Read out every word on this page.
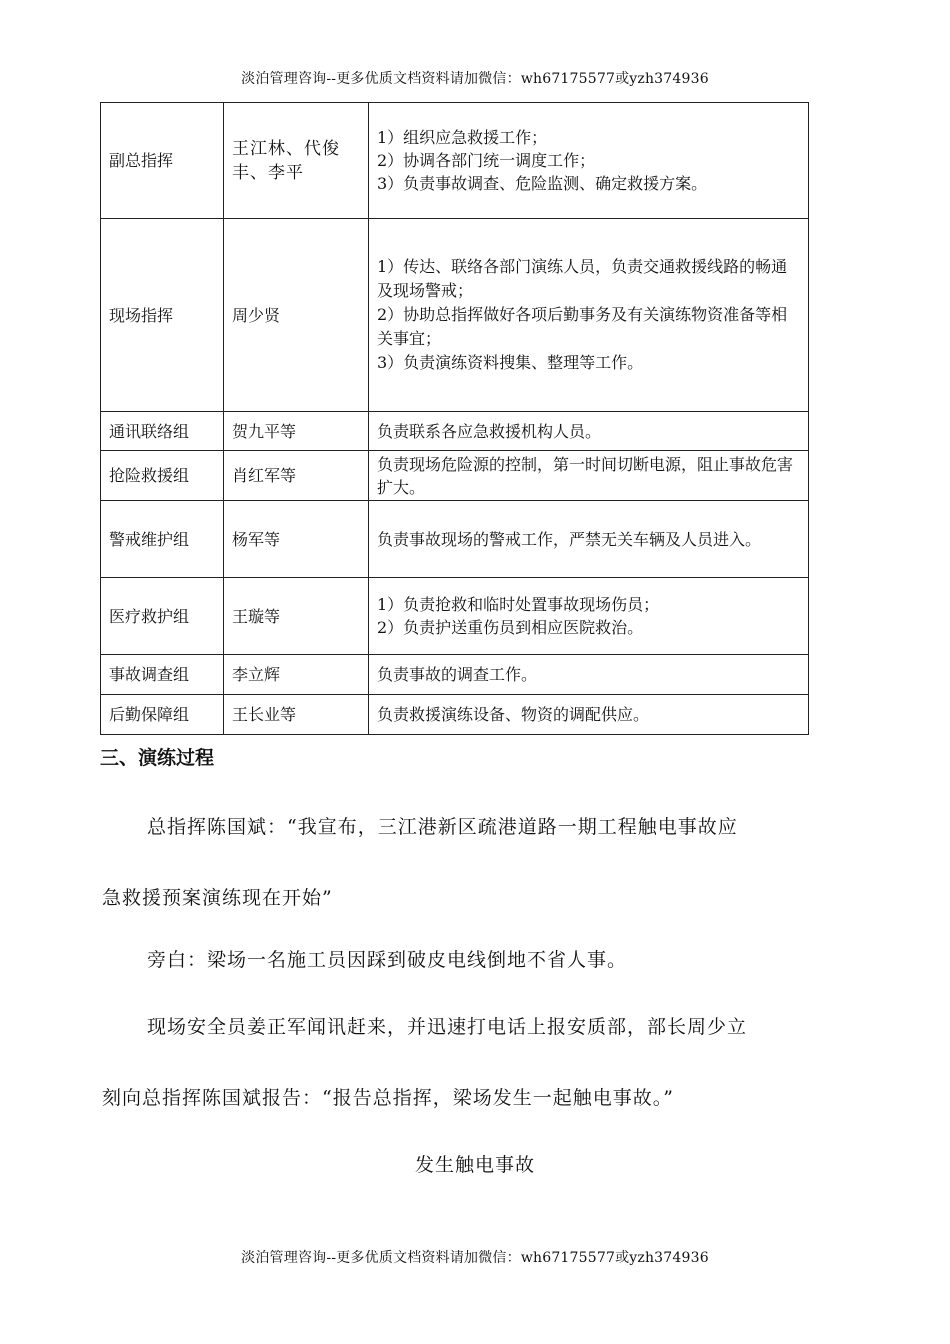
淡泊管理咨询--更多优质文档资料请加微信：wh67175577或yzh374936
副总指挥	王江林、代俊丰、李平	1）组织应急救援工作；
2）协调各部门统一调度工作；
3）负责事故调查、危险监测、确定救援方案。

现场指挥	周少贤	1）传达、联络各部门演练人员，负责交通救援线路的畅通及现场警戒；
2）协助总指挥做好各项后勤事务及有关演练物资准备等相关事宜；
3）负责演练资料搜集、整理等工作。

通讯联络组	贺九平等	负责联系各应急救援机构人员。

抢险救援组	肖红军等	负责现场危险源的控制，第一时间切断电源，阻止事故危害扩大。

警戒维护组	杨军等	负责事故现场的警戒工作，严禁无关车辆及人员进入。

医疗救护组	王璇等	1）负责抢救和临时处置事故现场伤员；
2）负责护送重伤员到相应医院救治。

事故调查组	李立辉	负责事故的调查工作。

后勤保障组	王长业等	负责救援演练设备、物资的调配供应。
三、演练过程

总指挥陈国斌：“我宣布，三江港新区疏港道路一期工程触电事故应

急救援预案演练现在开始”

旁白：梁场一名施工员因踩到破皮电线倒地不省人事。

现场安全员姜正军闻讯赶来，并迅速打电话上报安质部，部长周少立

刻向总指挥陈国斌报告：“报告总指挥，梁场发生一起触电事故。”

发生触电事故

淡泊管理咨询--更多优质文档资料请加微信：wh67175577或yzh374936
